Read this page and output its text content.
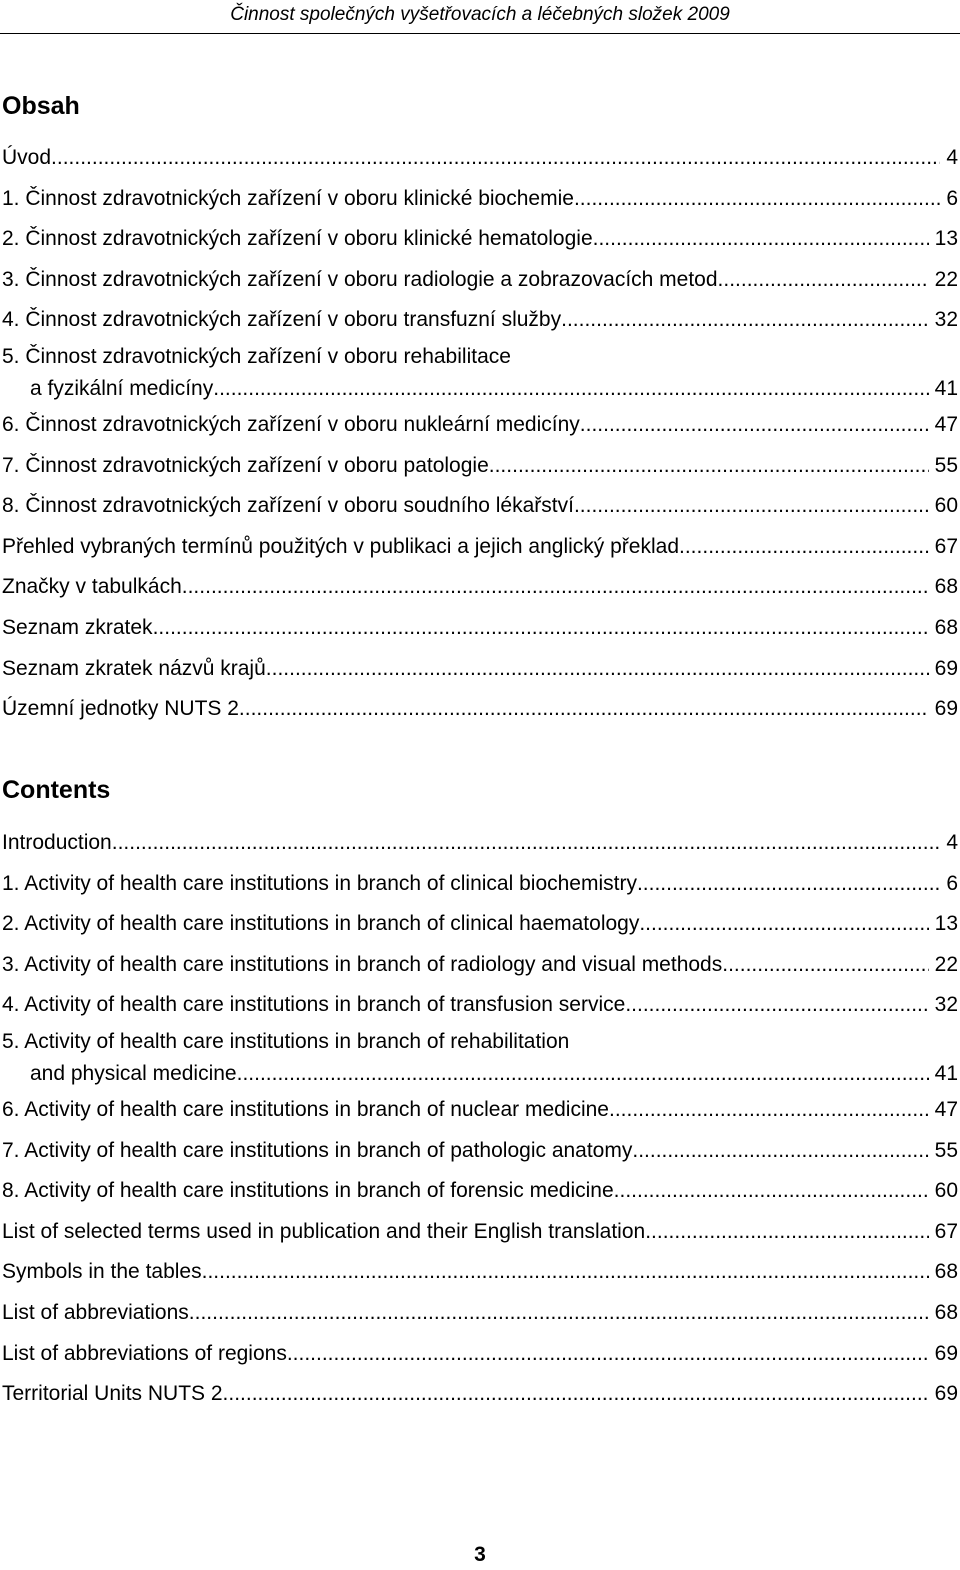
Činnost společných vyšetřovacích a léčebných složek 2009
Obsah
Úvod .....	4
1. Činnost zdravotnických zařízení v oboru klinické biochemie .....	6
2. Činnost zdravotnických zařízení v oboru klinické hematologie .....	13
3. Činnost zdravotnických zařízení v oboru radiologie a zobrazovacích metod .....	22
4. Činnost zdravotnických zařízení v oboru transfuzní služby .....	32
5. Činnost zdravotnických zařízení v oboru rehabilitace
a fyzikální medicíny .....	41
6. Činnost zdravotnických zařízení v oboru nukleární medicíny .....	47
7. Činnost zdravotnických zařízení v oboru patologie .....	55
8. Činnost zdravotnických zařízení v oboru soudního lékařství .....	60
Přehled vybraných termínů použitých v publikaci a jejich anglický překlad .....	67
Značky v tabulkách .....	68
Seznam zkratek .....	68
Seznam zkratek názvů krajů .....	69
Územní jednotky NUTS 2 .....	69
Contents
Introduction .....	4
1. Activity of health care institutions in branch of clinical biochemistry .....	6
2. Activity of health care institutions in branch of clinical haematology .....	13
3. Activity of health care institutions in branch of radiology and visual methods .....	22
4. Activity of health care institutions in branch of transfusion service .....	32
5. Activity of health care institutions in branch of rehabilitation
and physical medicine .....	41
6. Activity of health care institutions in branch of nuclear medicine .....	47
7. Activity of health care institutions in branch of pathologic anatomy .....	55
8. Activity of health care institutions in branch of forensic medicine .....	60
List of selected terms used in publication and their English translation .....	67
Symbols in the tables .....	68
List of abbreviations .....	68
List of abbreviations of regions .....	69
Territorial Units NUTS 2 .....	69
3
